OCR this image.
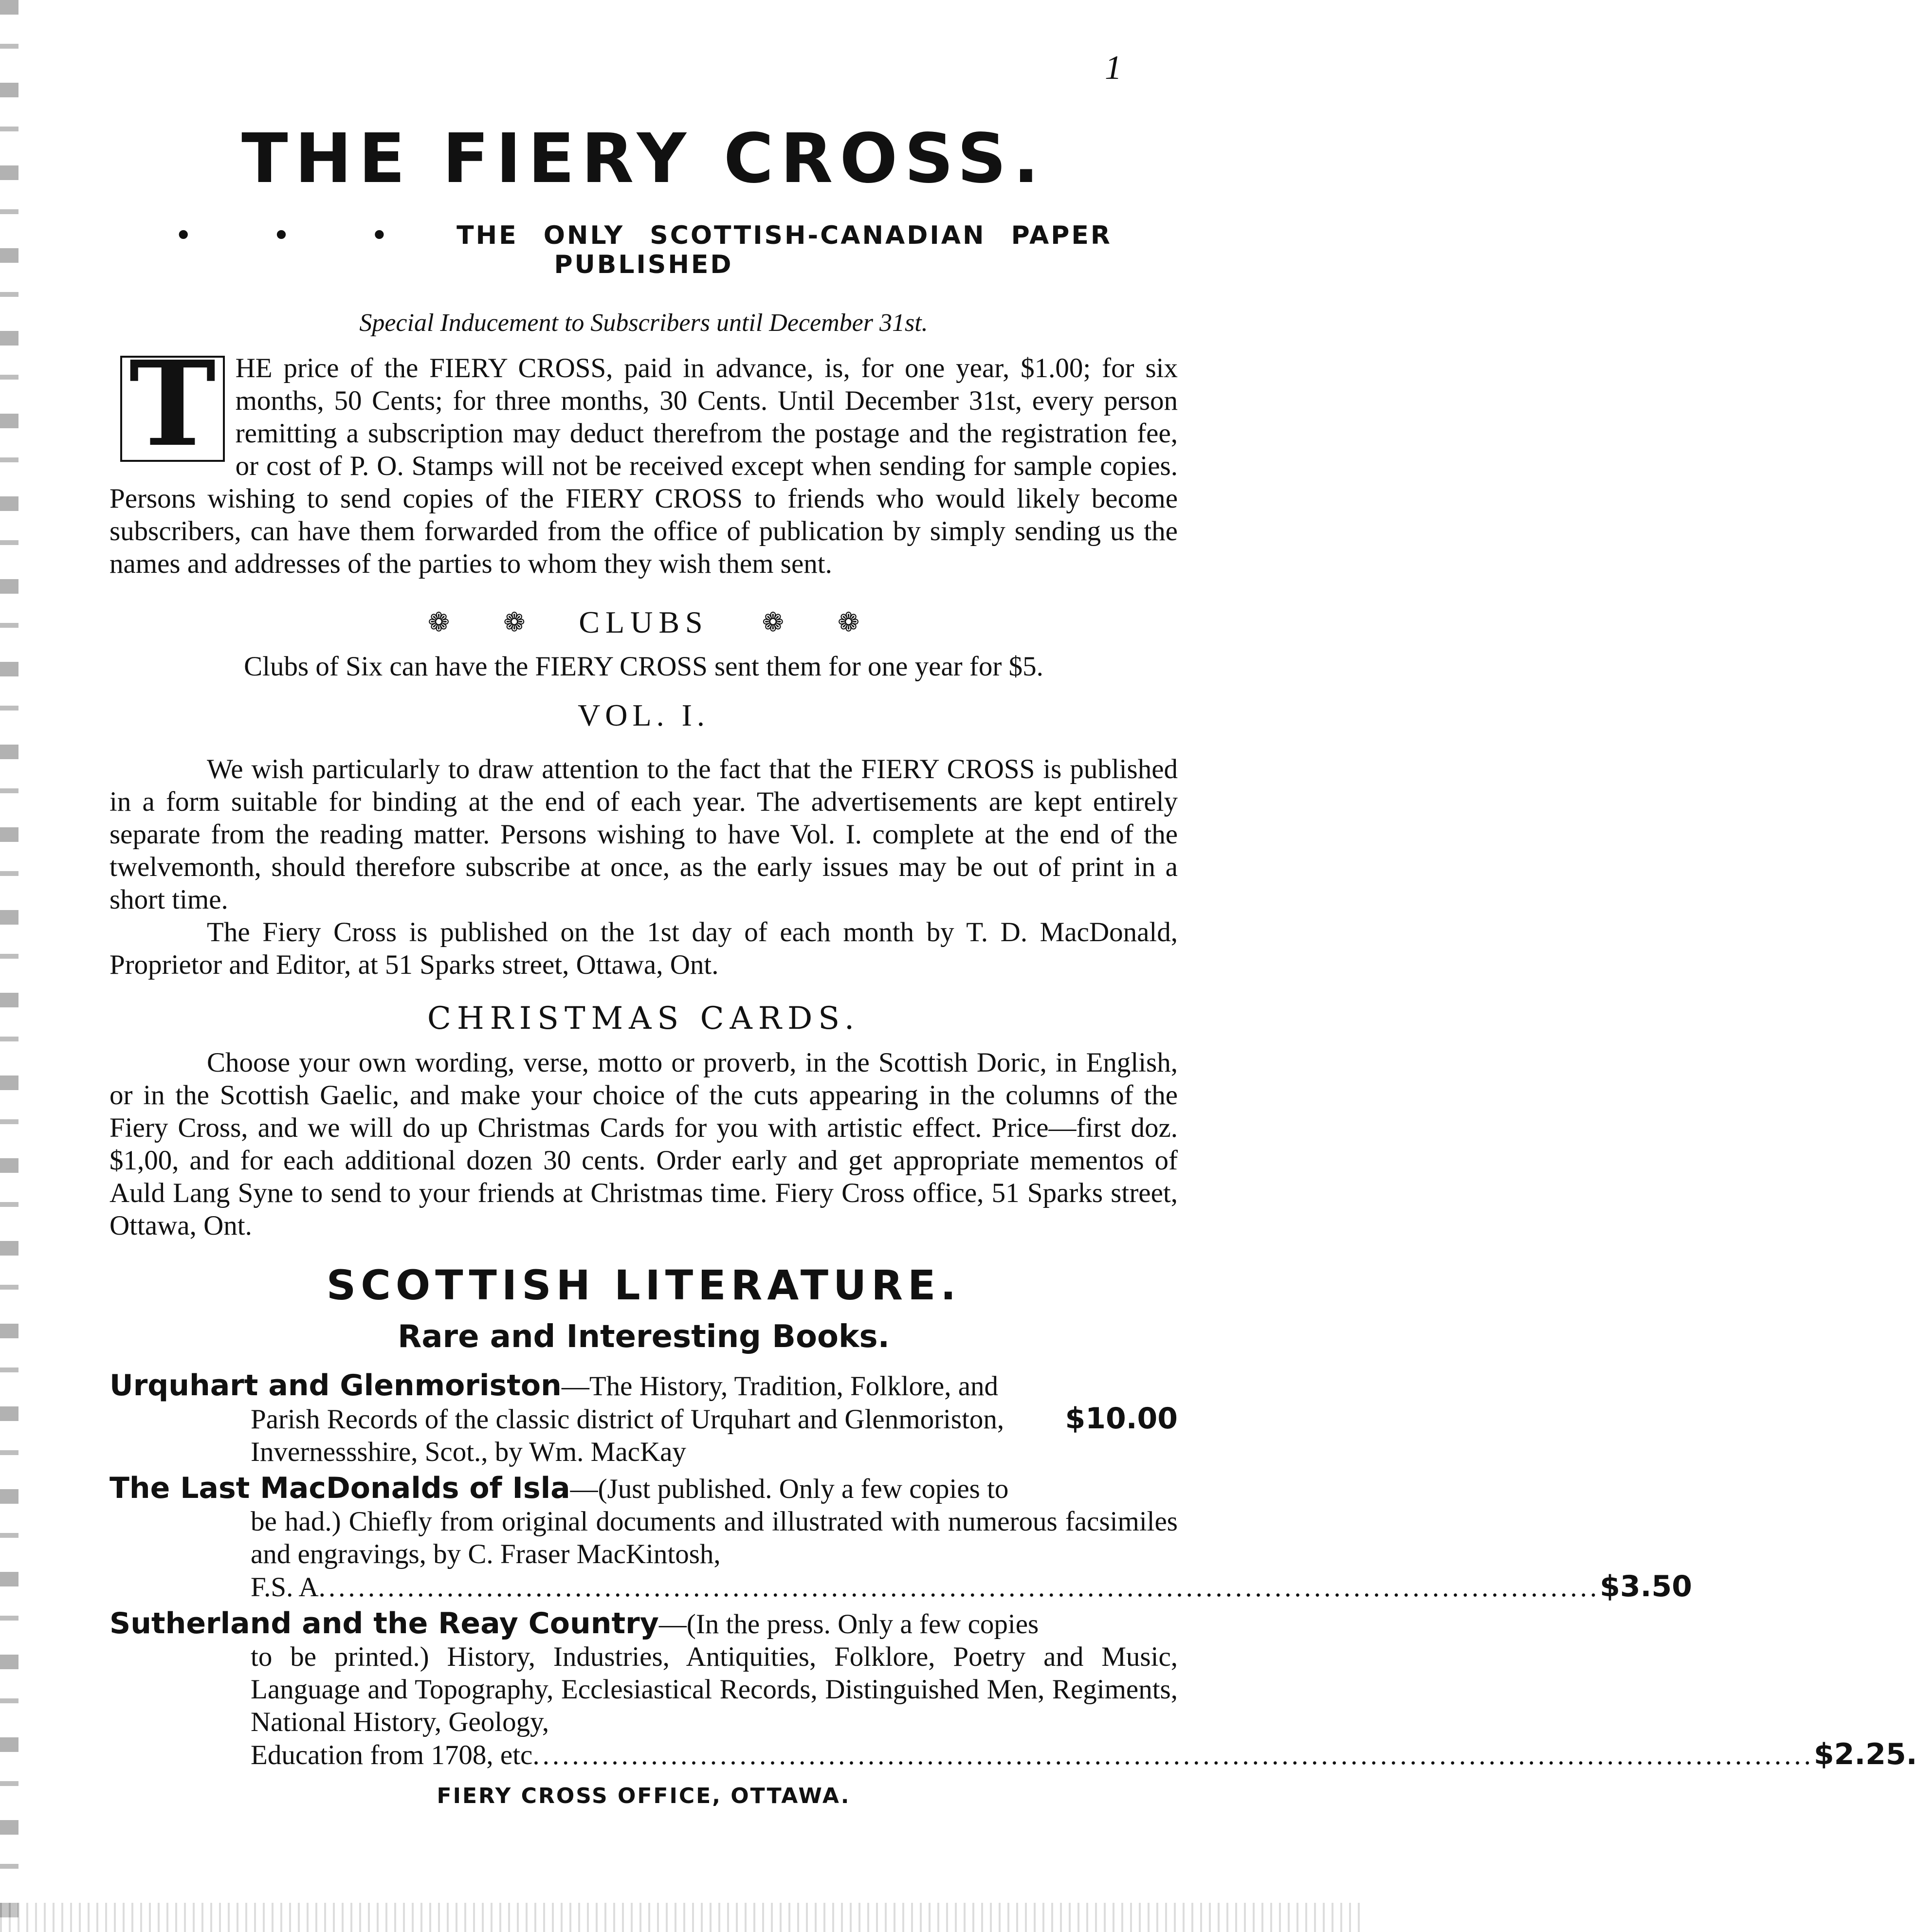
1
THE FIERY CROSS.
• • • THE ONLY SCOTTISH-CANADIAN PAPER PUBLISHED
Special Inducement to Subscribers until December 31st.

T HE price of the FIERY CROSS, paid in advance, is, for one year, $1.00; for six months, 50 Cents; for three months, 30 Cents. Until December 31st, every person remitting a subscription may deduct therefrom the postage and the registration fee, or cost of P. O. Stamps will not be received except when sending for sample copies. Persons wishing to send copies of the FIERY CROSS to friends who would likely become subscribers, can have them forwarded from the office of publication by simply sending us the names and addresses of the parties to whom they wish them sent.

❁ ❁ CLUBS ❁ ❁

Clubs of Six can have the FIERY CROSS sent them for one year for $5.

VOL. I.

We wish particularly to draw attention to the fact that the FIERY CROSS is published in a form suitable for binding at the end of each year. The advertisements are kept entirely separate from the reading matter. Persons wishing to have Vol. I. complete at the end of the twelvemonth, should therefore subscribe at once, as the early issues may be out of print in a short time.

The Fiery Cross is published on the 1st day of each month by T. D. MacDonald, Proprietor and Editor, at 51 Sparks street, Ottawa, Ont.

CHRISTMAS CARDS.

Choose your own wording, verse, motto or proverb, in the Scottish Doric, in English, or in the Scottish Gaelic, and make your choice of the cuts appearing in the columns of the Fiery Cross, and we will do up Christmas Cards for you with artistic effect. Price—first doz. $1,00, and for each additional dozen 30 cents. Order early and get appropriate mementos of Auld Lang Syne to send to your friends at Christmas time. Fiery Cross office, 51 Sparks street, Ottawa, Ont.

SCOTTISH LITERATURE.
Rare and Interesting Books.
Urquhart and Glenmoriston—The History, Tradition, Folklore, and
Parish Records of the classic district of Urquhart and Glenmoriston, Invernessshire, Scot., by Wm. MacKay
$10.00
The Last MacDonalds of Isla—(Just published. Only a few copies to
be had.) Chiefly from original documents and illustrated with numerous facsimiles and engravings, by C. Fraser MacKintosh,
F.S. A .................................................................................................................................. $3.50
Sutherland and the Reay Country—(In the press. Only a few copies
to be printed.) History, Industries, Antiquities, Folklore, Poetry and Music, Language and Topography, Ecclesiastical Records, Distinguished Men, Regiments, National History, Geology,
Education from 1708, etc .................................................................................................................................. $2.25.
FIERY CROSS OFFICE, OTTAWA.
